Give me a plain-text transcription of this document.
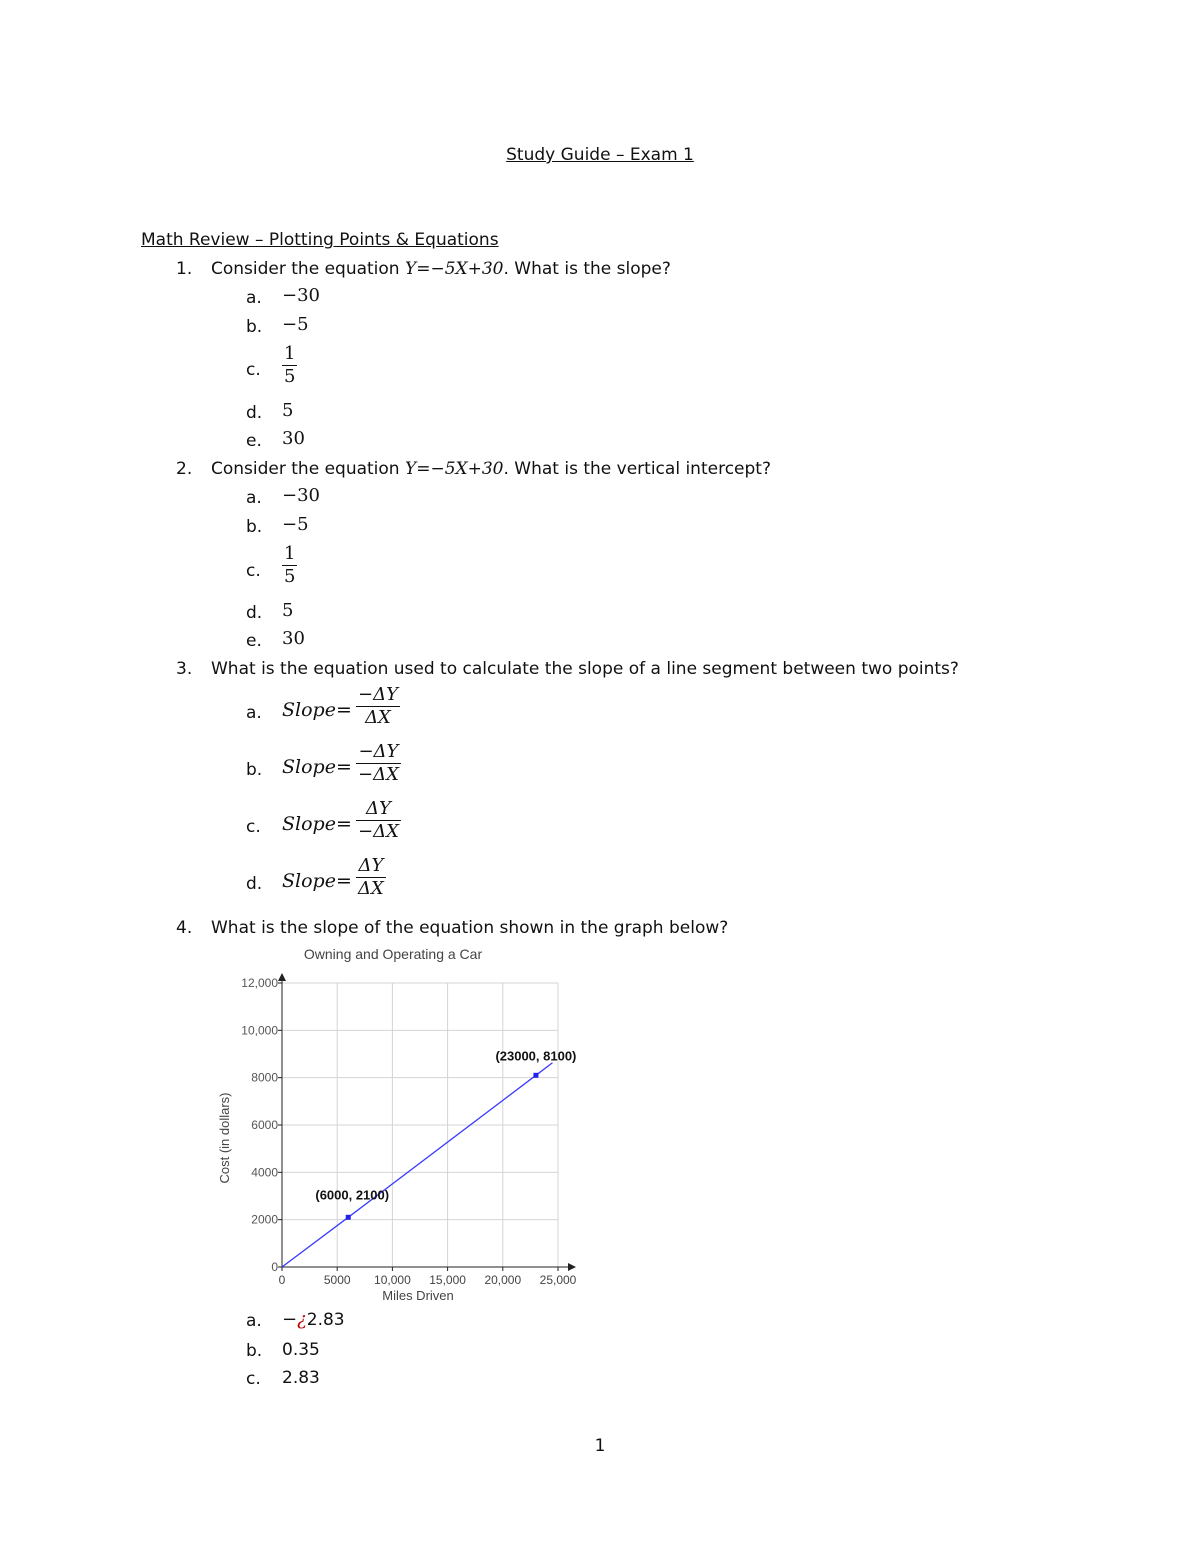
Study Guide – Exam 1
Math Review – Plotting Points & Equations
1. Consider the equation Y=−5X+30. What is the slope?
a. −30
b. −5
c.
1
5
d. 5
e. 30
2. Consider the equation Y=−5X+30. What is the vertical intercept?
a. −30
b. −5
c.
1
5
d. 5
e. 30
3. What is the equation used to calculate the slope of a line segment between two points?
a. Slope=
−ΔY
ΔX
b. Slope=
−ΔY
−ΔX
c. Slope=
ΔY
−ΔX
d. Slope=
ΔY
ΔX
4. What is the slope of the equation shown in the graph below?
Owning and Operating a Car
Cost (in dollars)
Miles Driven
0	5000 10,000 15,000 20,000 25,000
0
2000
4000
6000
8000
10,000
12,000
(6000, 2100)
(23000, 8100)
a. −¿2.83
b. 0.35
c. 2.83
1
